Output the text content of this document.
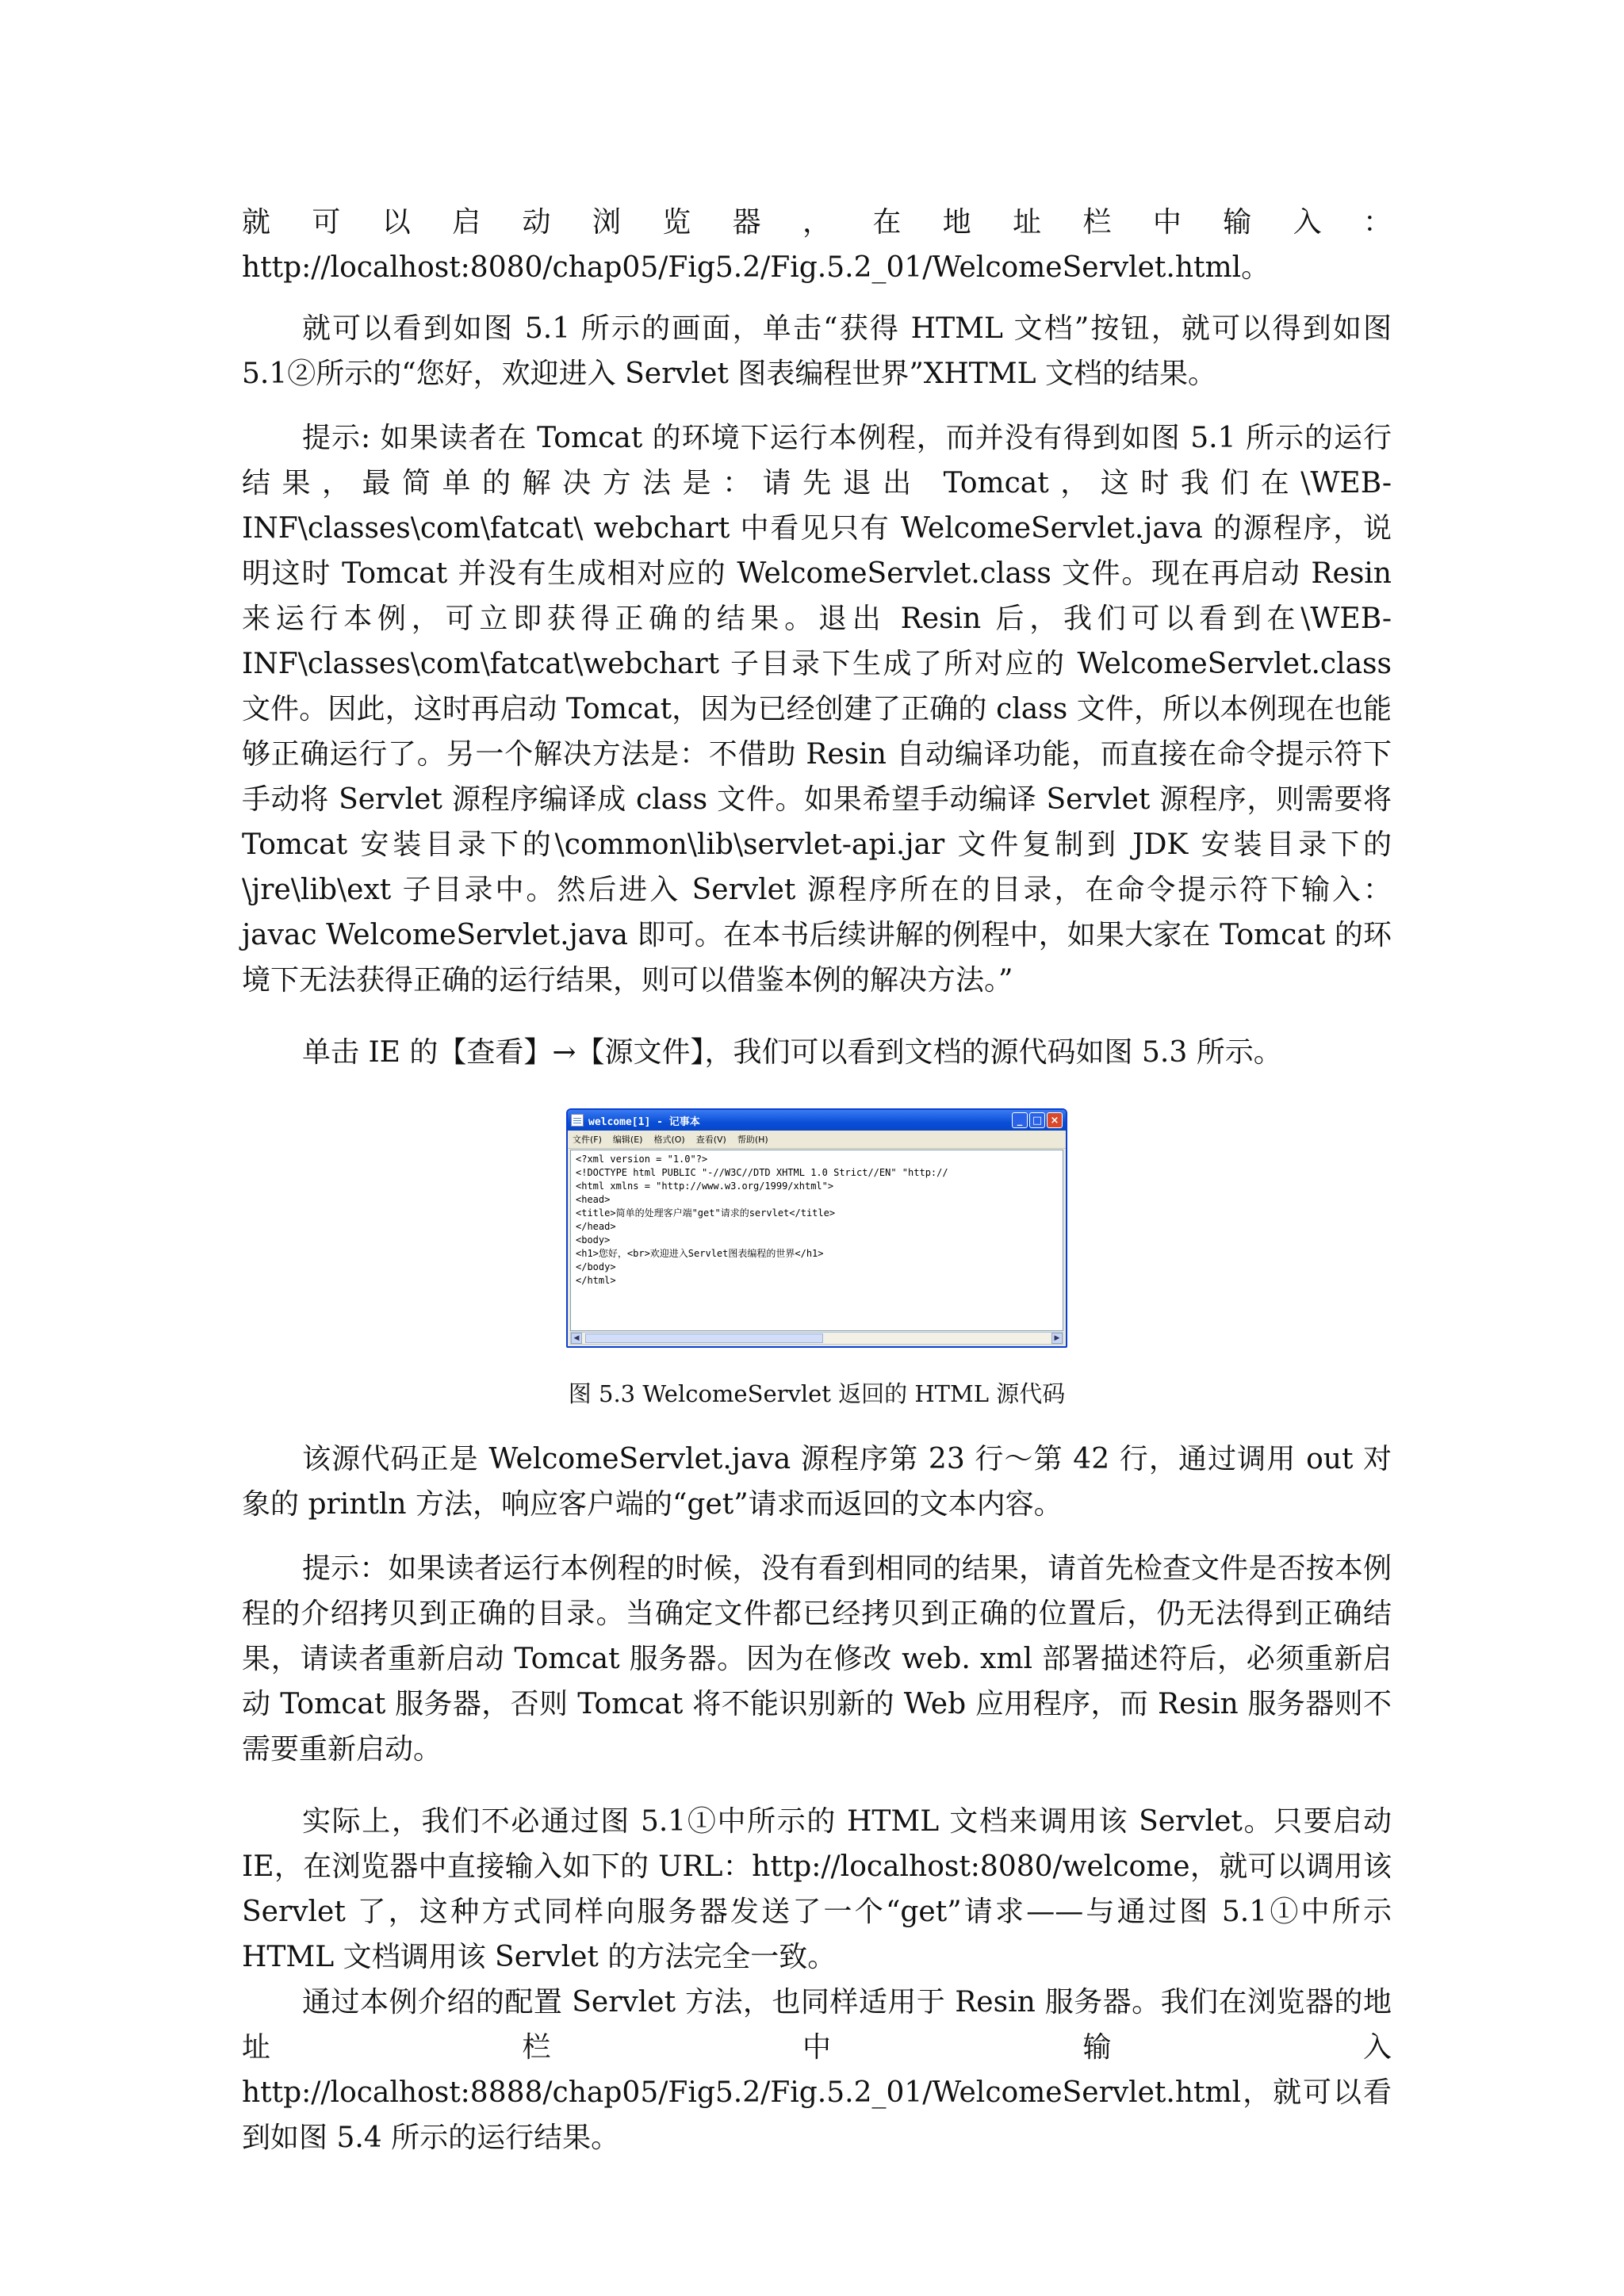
就可以启动浏览器，在地址栏中输入：http://localhost:8080/chap05/Fig5.2/Fig.5.2_01/WelcomeServlet.html。

就可以看到如图 5.1 所示的画面，单击“获得 HTML 文档”按钮，就可以得到如图 5.1②所示的“您好，欢迎进入 Servlet 图表编程世界”XHTML 文档的结果。

提示: 如果读者在 Tomcat 的环境下运行本例程，而并没有得到如图 5.1 所示的运行结果，最简单的解决方法是：请先退出 Tomcat，这时我们在\WEB-INF\classes\com\fatcat\ webchart 中看见只有 WelcomeServlet.java 的源程序，说明这时 Tomcat 并没有生成相对应的 WelcomeServlet.class 文件。现在再启动 Resin 来运行本例，可立即获得正确的结果。退出 Resin 后，我们可以看到在\WEB-INF\classes\com\fatcat\webchart 子目录下生成了所对应的 WelcomeServlet.class 文件。因此，这时再启动 Tomcat，因为已经创建了正确的 class 文件，所以本例现在也能够正确运行了。另一个解决方法是：不借助 Resin 自动编译功能，而直接在命令提示符下手动将 Servlet 源程序编译成 class 文件。如果希望手动编译 Servlet 源程序，则需要将 Tomcat 安装目录下的\common\lib\servlet-api.jar 文件复制到 JDK 安装目录下的\jre\lib\ext 子目录中。然后进入 Servlet 源程序所在的目录，在命令提示符下输入：javac WelcomeServlet.java 即可。在本书后续讲解的例程中，如果大家在 Tomcat 的环境下无法获得正确的运行结果，则可以借鉴本例的解决方法。”

单击 IE 的【查看】→【源文件】，我们可以看到文档的源代码如图 5.3 所示。

welcome[1] - 记事本	_ □ ×
文件(F) 编辑(E) 格式(O) 查看(V) 帮助(H)
<?xml version = "1.0"?>
<!DOCTYPE html PUBLIC "-//W3C//DTD XHTML 1.0 Strict//EN" "http://
<html xmlns = "http://www.w3.org/1999/xhtml">
<head>
<title>简单的处理客户端"get"请求的servlet</title>
</head>
<body>
<h1>您好，<br>欢迎进入Servlet图表编程的世界</h1>
</body>
</html>
◀	▶
图 5.3 WelcomeServlet 返回的 HTML 源代码

该源代码正是 WelcomeServlet.java 源程序第 23 行～第 42 行，通过调用 out 对象的 println 方法，响应客户端的“get”请求而返回的文本内容。

提示：如果读者运行本例程的时候，没有看到相同的结果，请首先检查文件是否按本例程的介绍拷贝到正确的目录。当确定文件都已经拷贝到正确的位置后，仍无法得到正确结果，请读者重新启动 Tomcat 服务器。因为在修改 web. xml 部署描述符后，必须重新启动 Tomcat 服务器，否则 Tomcat 将不能识别新的 Web 应用程序，而 Resin 服务器则不需要重新启动。

实际上，我们不必通过图 5.1①中所示的 HTML 文档来调用该 Servlet。只要启动 IE，在浏览器中直接输入如下的 URL：http://localhost:8080/welcome，就可以调用该 Servlet 了，这种方式同样向服务器发送了一个“get”请求——与通过图 5.1①中所示 HTML 文档调用该 Servlet 的方法完全一致。

通过本例介绍的配置 Servlet 方法，也同样适用于 Resin 服务器。我们在浏览器的地址栏中输入 http://localhost:8888/chap05/Fig5.2/Fig.5.2_01/WelcomeServlet.html，就可以看到如图 5.4 所示的运行结果。
